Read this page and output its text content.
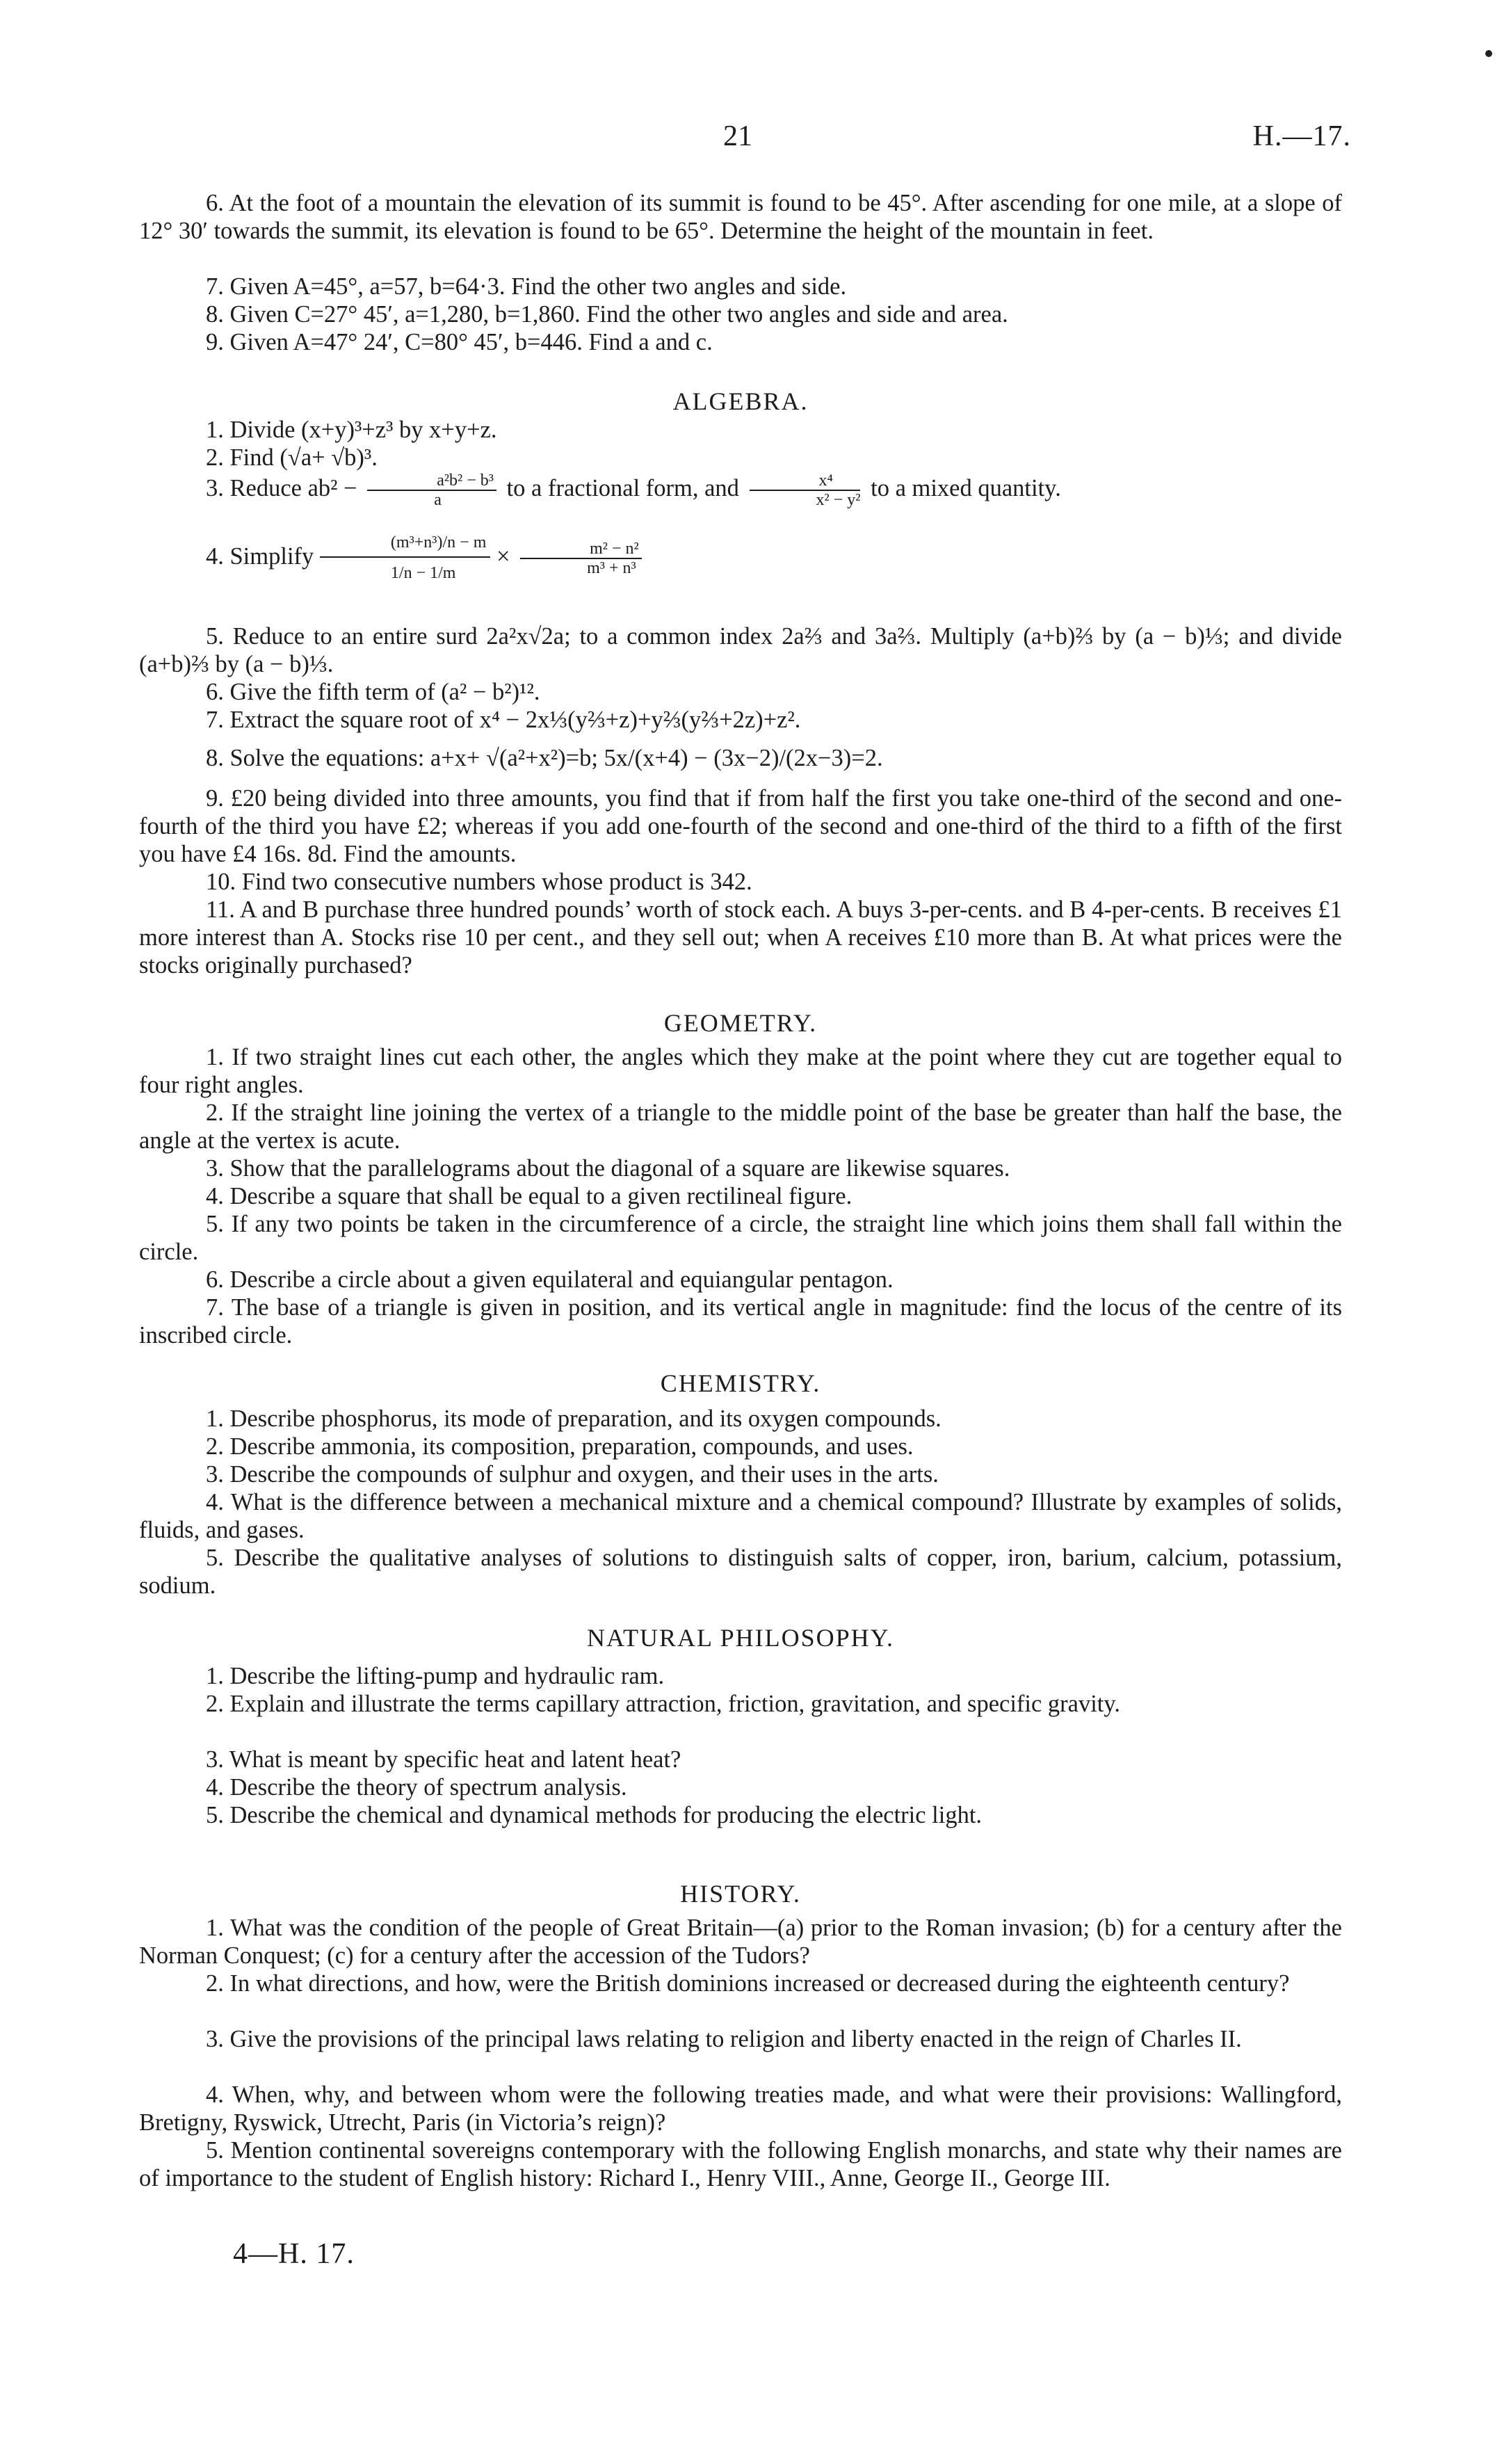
21	H.—17.
6. At the foot of a mountain the elevation of its summit is found to be 45°. After ascending for one mile, at a slope of 12° 30′ towards the summit, its elevation is found to be 65°. Determine the height of the mountain in feet.
7. Given A=45°, a=57, b=64·3. Find the other two angles and side.
8. Given C=27° 45′, a=1,280, b=1,860. Find the other two angles and side and area.
9. Given A=47° 24′, C=80° 45′, b=446. Find a and c.
ALGEBRA.
1. Divide (x+y)³+z³ by x+y+z.
2. Find (√a+ √b)³.
3. Reduce $ab^2 - \frac{\text{a²b² − b³}}{a}$ to a fractional form, and $\frac{\text{x⁴}}{\text{x² − y²}}$ to a mixed quantity.
4. Simplify $\frac{\text{(m³+n³)/n − m}}{1/n - 1/m} \times \frac{\text{m² − n²}}{\text{m³ + n³}}$
5. Reduce to an entire surd 2a²x√2a; to a common index 2a⅔ and 3a⅔. Multiply (a+b)⅔ by (a − b)⅓; and divide (a+b)⅔ by (a − b)⅓.
6. Give the fifth term of (a² − b²)¹².
7. Extract the square root of x⁴ − 2x⅓(y⅔+z)+y⅔(y⅔+2z)+z².
8. Solve the equations: a+x+ √(a²+x²)=b; 5x/(x+4) − (3x−2)/(2x−3)=2.
9. £20 being divided into three amounts, you find that if from half the first you take one-third of the second and one-fourth of the third you have £2; whereas if you add one-fourth of the second and one-third of the third to a fifth of the first you have £4 16s. 8d. Find the amounts.
10. Find two consecutive numbers whose product is 342.
11. A and B purchase three hundred pounds’ worth of stock each. A buys 3-per-cents. and B 4-per-cents. B receives £1 more interest than A. Stocks rise 10 per cent., and they sell out; when A receives £10 more than B. At what prices were the stocks originally purchased?
GEOMETRY.
1. If two straight lines cut each other, the angles which they make at the point where they cut are together equal to four right angles.
2. If the straight line joining the vertex of a triangle to the middle point of the base be greater than half the base, the angle at the vertex is acute.
3. Show that the parallelograms about the diagonal of a square are likewise squares.
4. Describe a square that shall be equal to a given rectilineal figure.
5. If any two points be taken in the circumference of a circle, the straight line which joins them shall fall within the circle.
6. Describe a circle about a given equilateral and equiangular pentagon.
7. The base of a triangle is given in position, and its vertical angle in magnitude: find the locus of the centre of its inscribed circle.
CHEMISTRY.
1. Describe phosphorus, its mode of preparation, and its oxygen compounds.
2. Describe ammonia, its composition, preparation, compounds, and uses.
3. Describe the compounds of sulphur and oxygen, and their uses in the arts.
4. What is the difference between a mechanical mixture and a chemical compound? Illustrate by examples of solids, fluids, and gases.
5. Describe the qualitative analyses of solutions to distinguish salts of copper, iron, barium, calcium, potassium, sodium.
NATURAL PHILOSOPHY.
1. Describe the lifting-pump and hydraulic ram.
2. Explain and illustrate the terms capillary attraction, friction, gravitation, and specific gravity.
3. What is meant by specific heat and latent heat?
4. Describe the theory of spectrum analysis.
5. Describe the chemical and dynamical methods for producing the electric light.
HISTORY.
1. What was the condition of the people of Great Britain—(a) prior to the Roman invasion; (b) for a century after the Norman Conquest; (c) for a century after the accession of the Tudors?
2. In what directions, and how, were the British dominions increased or decreased during the eighteenth century?
3. Give the provisions of the principal laws relating to religion and liberty enacted in the reign of Charles II.
4. When, why, and between whom were the following treaties made, and what were their provisions: Wallingford, Bretigny, Ryswick, Utrecht, Paris (in Victoria’s reign)?
5. Mention continental sovereigns contemporary with the following English monarchs, and state why their names are of importance to the student of English history: Richard I., Henry VIII., Anne, George II., George III.
4—H. 17.
